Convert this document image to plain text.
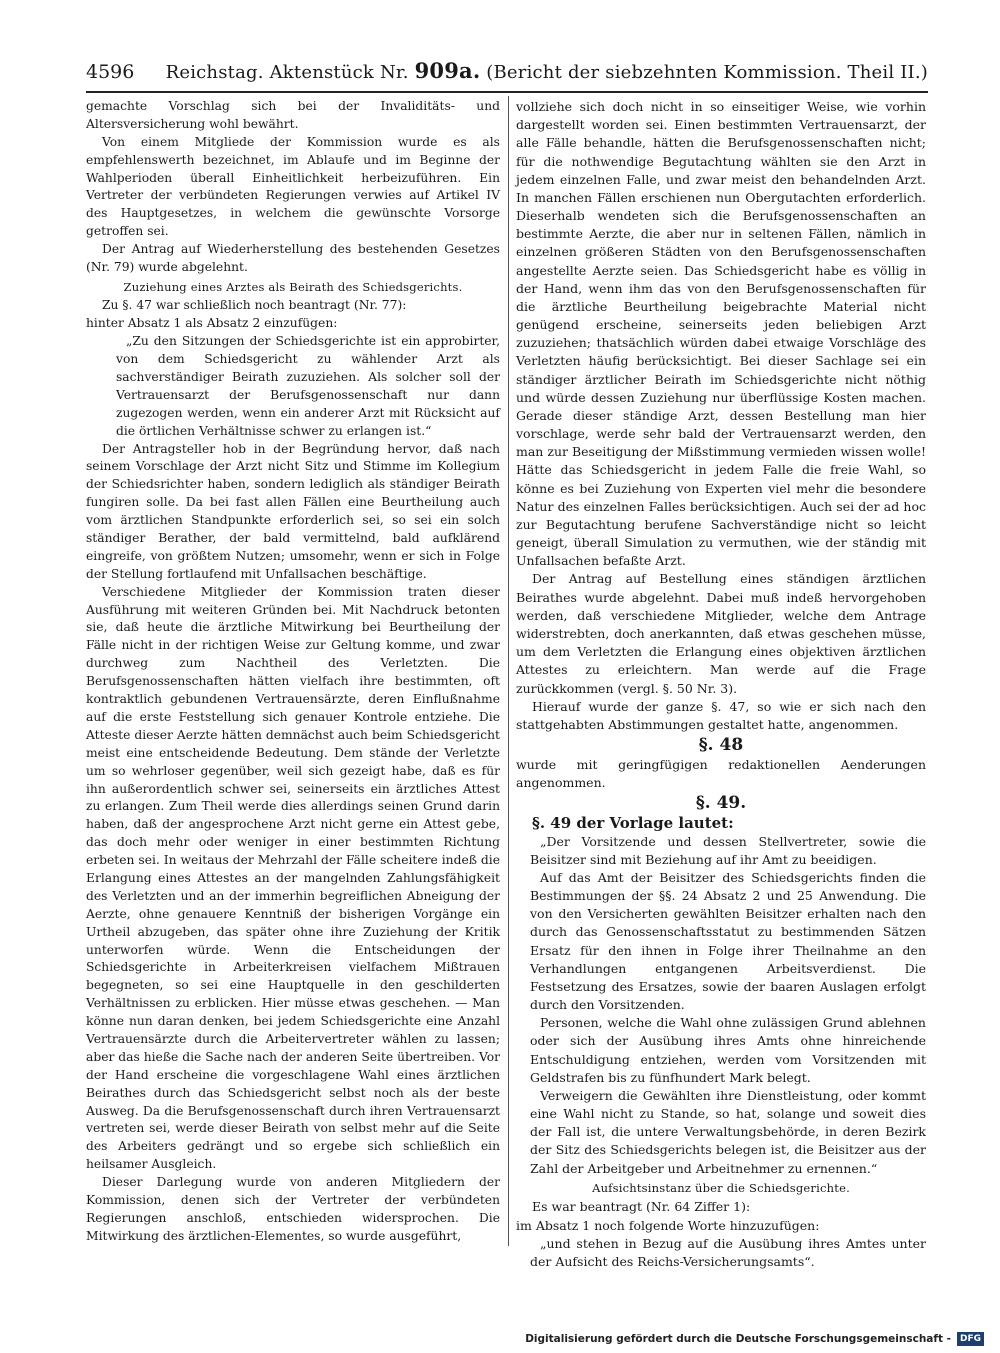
4596 Reichstag. Aktenstück Nr. 909a. (Bericht der siebzehnten Kommission. Theil II.)

gemachte Vorschlag sich bei der Invaliditäts- und Altersversicherung wohl bewährt.

Von einem Mitgliede der Kommission wurde es als empfehlenswerth bezeichnet, im Ablaufe und im Beginne der Wahlperioden überall Einheitlichkeit herbeizuführen. Ein Vertreter der verbündeten Regierungen verwies auf Artikel IV des Hauptgesetzes, in welchem die gewünschte Vorsorge getroffen sei.

Der Antrag auf Wiederherstellung des bestehenden Gesetzes (Nr. 79) wurde abgelehnt.

Zuziehung eines Arztes als Beirath des Schiedsgerichts.

Zu §. 47 war schließlich noch beantragt (Nr. 77):

hinter Absatz 1 als Absatz 2 einzufügen:

„Zu den Sitzungen der Schiedsgerichte ist ein approbirter, von dem Schiedsgericht zu wählender Arzt als sachverständiger Beirath zuzuziehen. Als solcher soll der Vertrauensarzt der Berufsgenossenschaft nur dann zugezogen werden, wenn ein anderer Arzt mit Rücksicht auf die örtlichen Verhältnisse schwer zu erlangen ist.“

Der Antragsteller hob in der Begründung hervor, daß nach seinem Vorschlage der Arzt nicht Sitz und Stimme im Kollegium der Schiedsrichter haben, sondern lediglich als ständiger Beirath fungiren solle. Da bei fast allen Fällen eine Beurtheilung auch vom ärztlichen Standpunkte erforderlich sei, so sei ein solch ständiger Berather, der bald vermittelnd, bald aufklärend eingreife, von größtem Nutzen; umsomehr, wenn er sich in Folge der Stellung fortlaufend mit Unfallsachen beschäftige.

Verschiedene Mitglieder der Kommission traten dieser Ausführung mit weiteren Gründen bei. Mit Nachdruck betonten sie, daß heute die ärztliche Mitwirkung bei Beurtheilung der Fälle nicht in der richtigen Weise zur Geltung komme, und zwar durchweg zum Nachtheil des Verletzten. Die Berufsgenossenschaften hätten vielfach ihre bestimmten, oft kontraktlich gebundenen Vertrauensärzte, deren Einflußnahme auf die erste Feststellung sich genauer Kontrole entziehe. Die Atteste dieser Aerzte hätten demnächst auch beim Schiedsgericht meist eine entscheidende Bedeutung. Dem stände der Verletzte um so wehrloser gegenüber, weil sich gezeigt habe, daß es für ihn außerordentlich schwer sei, seinerseits ein ärztliches Attest zu erlangen. Zum Theil werde dies allerdings seinen Grund darin haben, daß der angesprochene Arzt nicht gerne ein Attest gebe, das doch mehr oder weniger in einer bestimmten Richtung erbeten sei. In weitaus der Mehrzahl der Fälle scheitere indeß die Erlangung eines Attestes an der mangelnden Zahlungsfähigkeit des Verletzten und an der immerhin begreiflichen Abneigung der Aerzte, ohne genauere Kenntniß der bisherigen Vorgänge ein Urtheil abzugeben, das später ohne ihre Zuziehung der Kritik unterworfen würde. Wenn die Entscheidungen der Schiedsgerichte in Arbeiterkreisen vielfachem Mißtrauen begegneten, so sei eine Hauptquelle in den geschilderten Verhältnissen zu erblicken. Hier müsse etwas geschehen. — Man könne nun daran denken, bei jedem Schiedsgerichte eine Anzahl Vertrauensärzte durch die Arbeitervertreter wählen zu lassen; aber das hieße die Sache nach der anderen Seite übertreiben. Vor der Hand erscheine die vorgeschlagene Wahl eines ärztlichen Beirathes durch das Schiedsgericht selbst noch als der beste Ausweg. Da die Berufsgenossenschaft durch ihren Vertrauensarzt vertreten sei, werde dieser Beirath von selbst mehr auf die Seite des Arbeiters gedrängt und so ergebe sich schließlich ein heilsamer Ausgleich.

Dieser Darlegung wurde von anderen Mitgliedern der Kommission, denen sich der Vertreter der verbündeten Regierungen anschloß, entschieden widersprochen. Die Mitwirkung des ärztlichen-Elementes, so wurde ausgeführt,

vollziehe sich doch nicht in so einseitiger Weise, wie vorhin dargestellt worden sei. Einen bestimmten Vertrauensarzt, der alle Fälle behandle, hätten die Berufsgenossenschaften nicht; für die nothwendige Begutachtung wählten sie den Arzt in jedem einzelnen Falle, und zwar meist den behandelnden Arzt. In manchen Fällen erschienen nun Obergutachten erforderlich. Dieserhalb wendeten sich die Berufsgenossenschaften an bestimmte Aerzte, die aber nur in seltenen Fällen, nämlich in einzelnen größeren Städten von den Berufsgenossenschaften angestellte Aerzte seien. Das Schiedsgericht habe es völlig in der Hand, wenn ihm das von den Berufsgenossenschaften für die ärztliche Beurtheilung beigebrachte Material nicht genügend erscheine, seinerseits jeden beliebigen Arzt zuzuziehen; thatsächlich würden dabei etwaige Vorschläge des Verletzten häufig berücksichtigt. Bei dieser Sachlage sei ein ständiger ärztlicher Beirath im Schiedsgerichte nicht nöthig und würde dessen Zuziehung nur überflüssige Kosten machen. Gerade dieser ständige Arzt, dessen Bestellung man hier vorschlage, werde sehr bald der Vertrauensarzt werden, den man zur Beseitigung der Mißstimmung vermieden wissen wolle! Hätte das Schiedsgericht in jedem Falle die freie Wahl, so könne es bei Zuziehung von Experten viel mehr die besondere Natur des einzelnen Falles berücksichtigen. Auch sei der ad hoc zur Begutachtung berufene Sachverständige nicht so leicht geneigt, überall Simulation zu vermuthen, wie der ständig mit Unfallsachen befaßte Arzt.

Der Antrag auf Bestellung eines ständigen ärztlichen Beirathes wurde abgelehnt. Dabei muß indeß hervorgehoben werden, daß verschiedene Mitglieder, welche dem Antrage widerstrebten, doch anerkannten, daß etwas geschehen müsse, um dem Verletzten die Erlangung eines objektiven ärztlichen Attestes zu erleichtern. Man werde auf die Frage zurückkommen (vergl. §. 50 Nr. 3).

Hierauf wurde der ganze §. 47, so wie er sich nach den stattgehabten Abstimmungen gestaltet hatte, angenommen.

§. 48

wurde mit geringfügigen redaktionellen Aenderungen angenommen.

§. 49.

§. 49 der Vorlage lautet:

„Der Vorsitzende und dessen Stellvertreter, sowie die Beisitzer sind mit Beziehung auf ihr Amt zu beeidigen.

Auf das Amt der Beisitzer des Schiedsgerichts finden die Bestimmungen der §§. 24 Absatz 2 und 25 Anwendung. Die von den Versicherten gewählten Beisitzer erhalten nach den durch das Genossenschaftsstatut zu bestimmenden Sätzen Ersatz für den ihnen in Folge ihrer Theilnahme an den Verhandlungen entgangenen Arbeitsverdienst. Die Festsetzung des Ersatzes, sowie der baaren Auslagen erfolgt durch den Vorsitzenden.

Personen, welche die Wahl ohne zulässigen Grund ablehnen oder sich der Ausübung ihres Amts ohne hinreichende Entschuldigung entziehen, werden vom Vorsitzenden mit Geldstrafen bis zu fünfhundert Mark belegt.

Verweigern die Gewählten ihre Dienstleistung, oder kommt eine Wahl nicht zu Stande, so hat, solange und soweit dies der Fall ist, die untere Verwaltungsbehörde, in deren Bezirk der Sitz des Schiedsgerichts belegen ist, die Beisitzer aus der Zahl der Arbeitgeber und Arbeitnehmer zu ernennen.“

Aufsichtsinstanz über die Schiedsgerichte.

Es war beantragt (Nr. 64 Ziffer 1):

im Absatz 1 noch folgende Worte hinzuzufügen:

„und stehen in Bezug auf die Ausübung ihres Amtes unter der Aufsicht des Reichs-Versicherungsamts“.

Digitalisierung gefördert durch die Deutsche Forschungsgemeinschaft -	DFG
